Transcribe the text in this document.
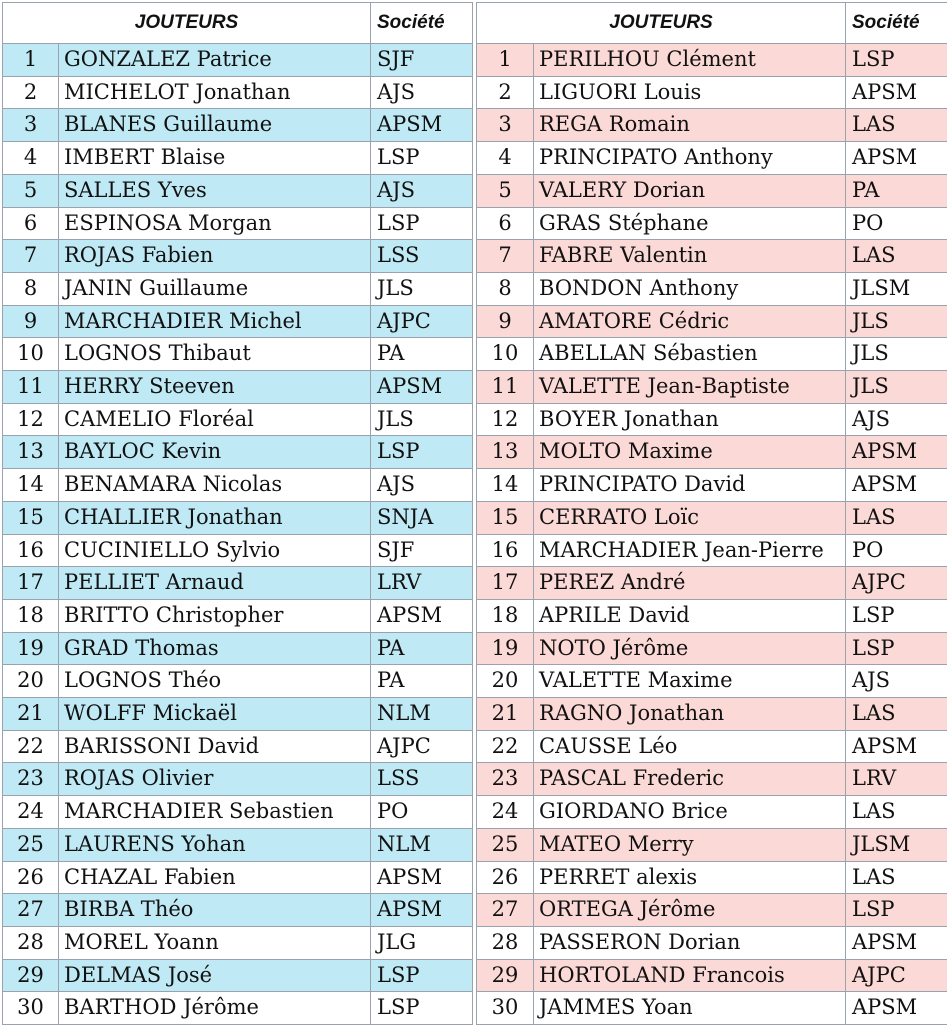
JOUTEURS		Société
1	GONZALEZ Patrice	SJF
2	MICHELOT Jonathan	AJS
3	BLANES Guillaume	APSM
4	IMBERT Blaise	LSP
5	SALLES Yves	AJS
6	ESPINOSA Morgan	LSP
7	ROJAS Fabien	LSS
8	JANIN Guillaume	JLS
9	MARCHADIER Michel	AJPC
10	LOGNOS Thibaut	PA
11	HERRY Steeven	APSM
12	CAMELIO Floréal	JLS
13	BAYLOC Kevin	LSP
14	BENAMARA Nicolas	AJS
15	CHALLIER Jonathan	SNJA
16	CUCINIELLO Sylvio	SJF
17	PELLIET Arnaud	LRV
18	BRITTO Christopher	APSM
19	GRAD Thomas	PA
20	LOGNOS Théo	PA
21	WOLFF Mickaël	NLM
22	BARISSONI David	AJPC
23	ROJAS Olivier	LSS
24	MARCHADIER Sebastien	PO
25	LAURENS Yohan	NLM
26	CHAZAL Fabien	APSM
27	BIRBA Théo	APSM
28	MOREL Yoann	JLG
29	DELMAS José	LSP
30	BARTHOD Jérôme	LSP
JOUTEURS		Société
1	PERILHOU Clément	LSP
2	LIGUORI Louis	APSM
3	REGA Romain	LAS
4	PRINCIPATO Anthony	APSM
5	VALERY Dorian	PA
6	GRAS Stéphane	PO
7	FABRE Valentin	LAS
8	BONDON Anthony	JLSM
9	AMATORE Cédric	JLS
10	ABELLAN Sébastien	JLS
11	VALETTE Jean-Baptiste	JLS
12	BOYER Jonathan	AJS
13	MOLTO Maxime	APSM
14	PRINCIPATO David	APSM
15	CERRATO Loïc	LAS
16	MARCHADIER Jean-Pierre	PO
17	PEREZ André	AJPC
18	APRILE David	LSP
19	NOTO Jérôme	LSP
20	VALETTE Maxime	AJS
21	RAGNO Jonathan	LAS
22	CAUSSE Léo	APSM
23	PASCAL Frederic	LRV
24	GIORDANO Brice	LAS
25	MATEO Merry	JLSM
26	PERRET alexis	LAS
27	ORTEGA Jérôme	LSP
28	PASSERON Dorian	APSM
29	HORTOLAND Francois	AJPC
30	JAMMES Yoan	APSM
